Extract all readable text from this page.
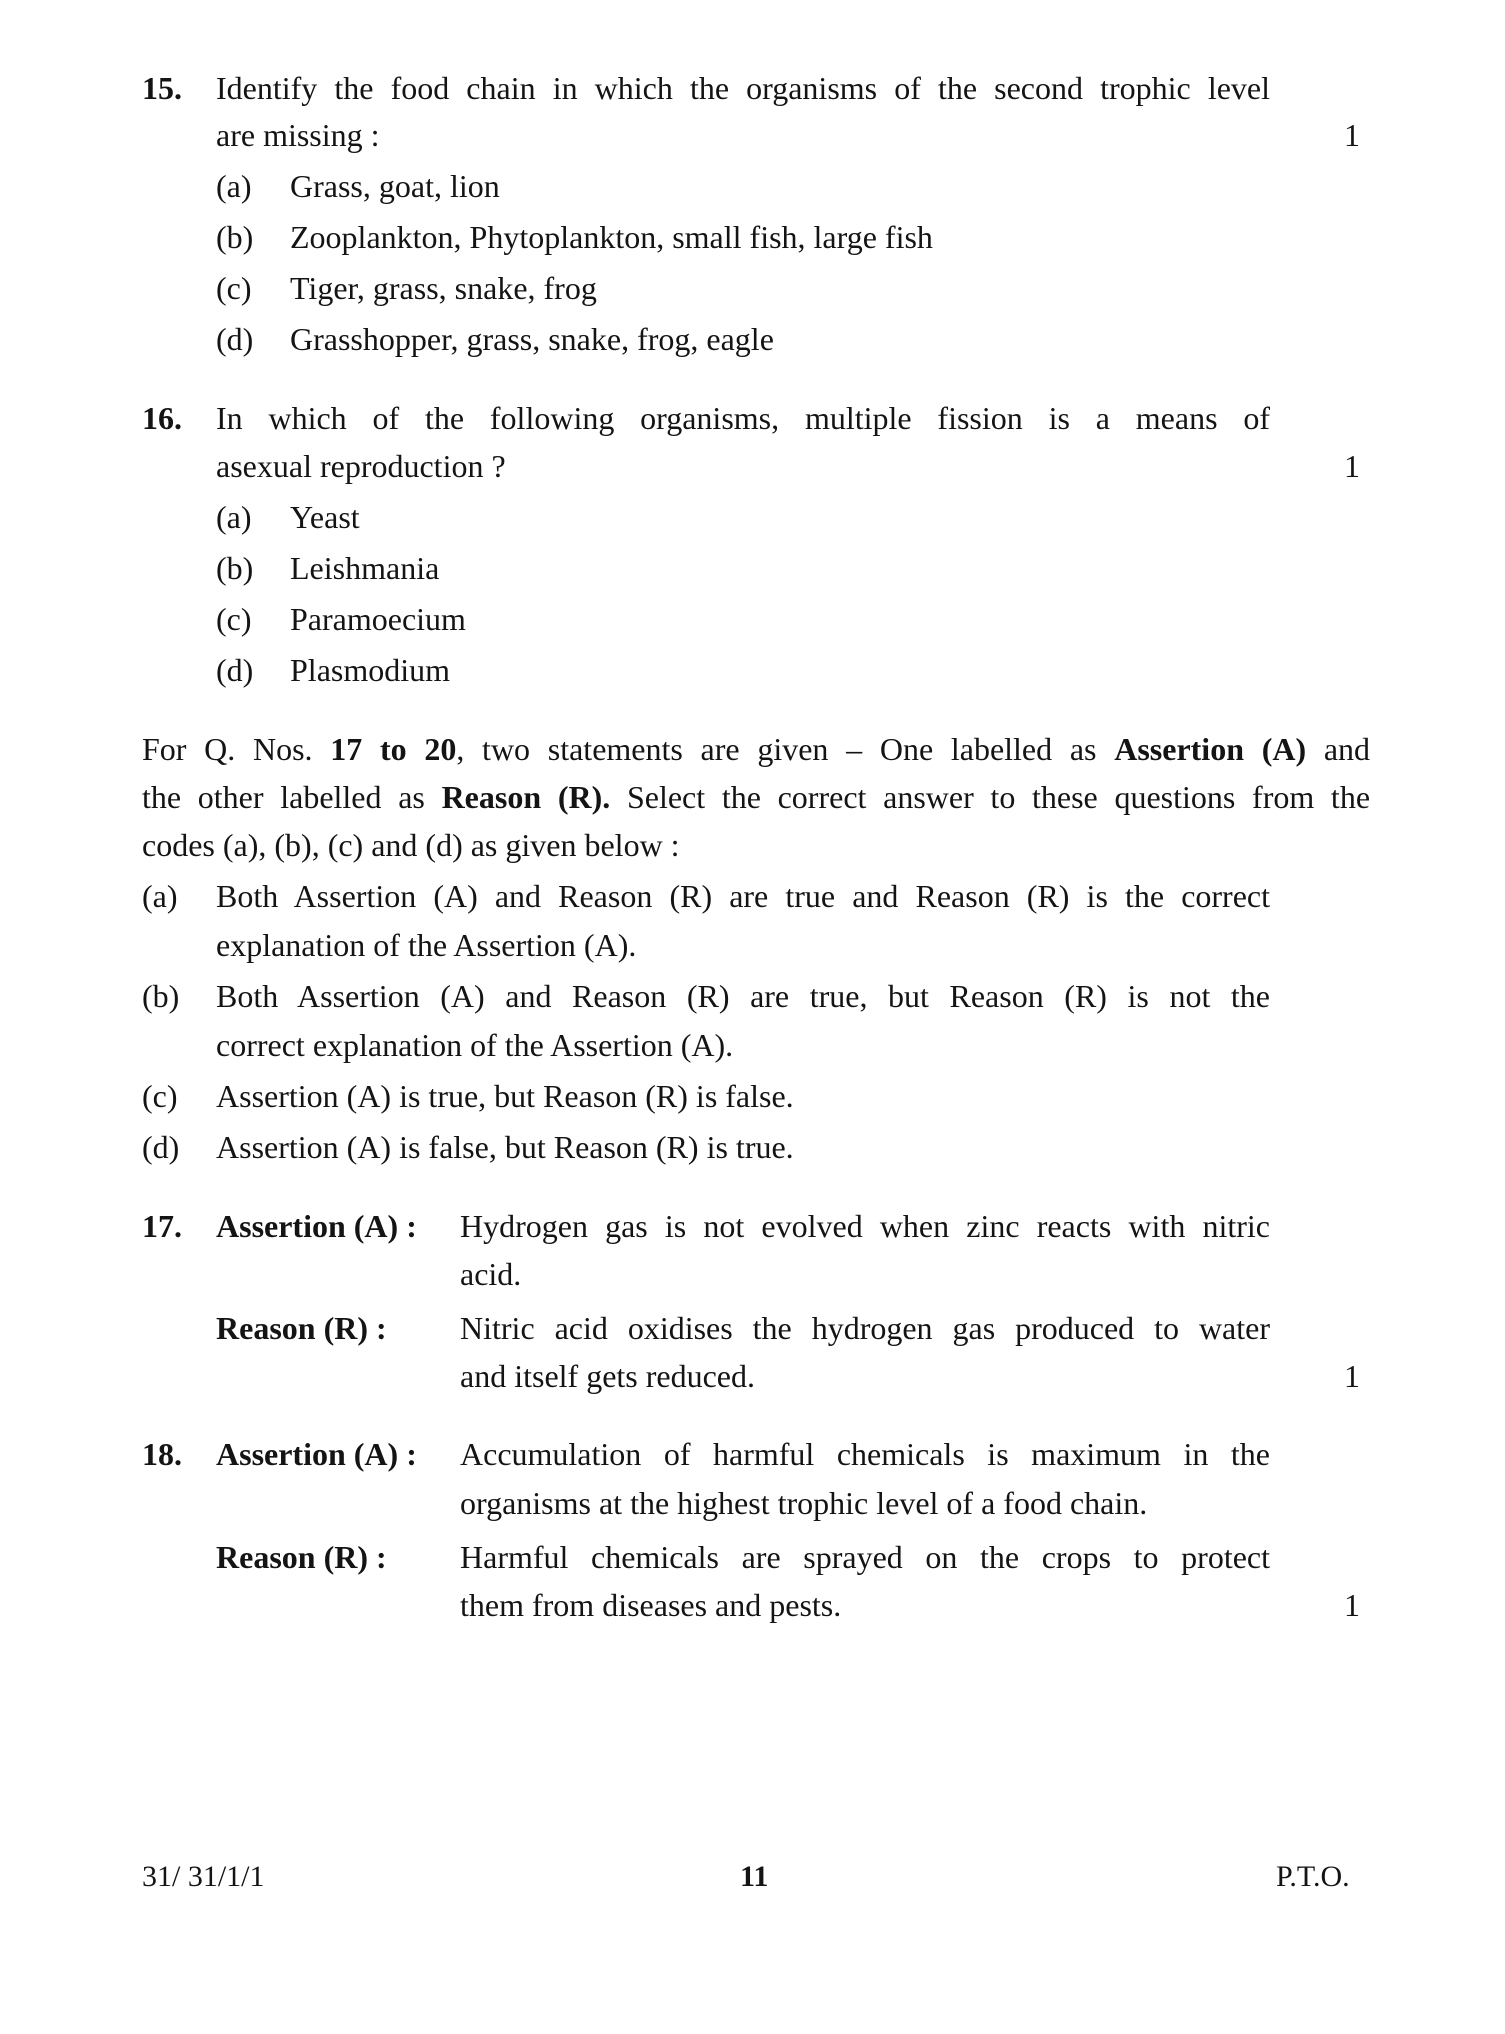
15. Identify the food chain in which the organisms of the second trophic level
are missing :	1
(a) Grass, goat, lion
(b) Zooplankton, Phytoplankton, small fish, large fish
(c) Tiger, grass, snake, frog
(d) Grasshopper, grass, snake, frog, eagle
16. In which of the following organisms, multiple fission is a means of
asexual reproduction ?	1
(a) Yeast
(b) Leishmania
(c) Paramoecium
(d) Plasmodium
For Q. Nos. 17 to 20, two statements are given – One labelled as Assertion (A) and
the other labelled as Reason (R). Select the correct answer to these questions from the
codes (a), (b), (c) and (d) as given below :
(a) Both Assertion (A) and Reason (R) are true and Reason (R) is the correct
explanation of the Assertion (A).
(b) Both Assertion (A) and Reason (R) are true, but Reason (R) is not the
correct explanation of the Assertion (A).
(c) Assertion (A) is true, but Reason (R) is false.
(d) Assertion (A) is false, but Reason (R) is true.
17. Assertion (A) : Hydrogen gas is not evolved when zinc reacts with nitric
acid.
Reason (R) : Nitric acid oxidises the hydrogen gas produced to water
and itself gets reduced.	1
18. Assertion (A) : Accumulation of harmful chemicals is maximum in the
organisms at the highest trophic level of a food chain.
Reason (R) : Harmful chemicals are sprayed on the crops to protect
them from diseases and pests.	1
31/ 31/1/1	11	P.T.O.
